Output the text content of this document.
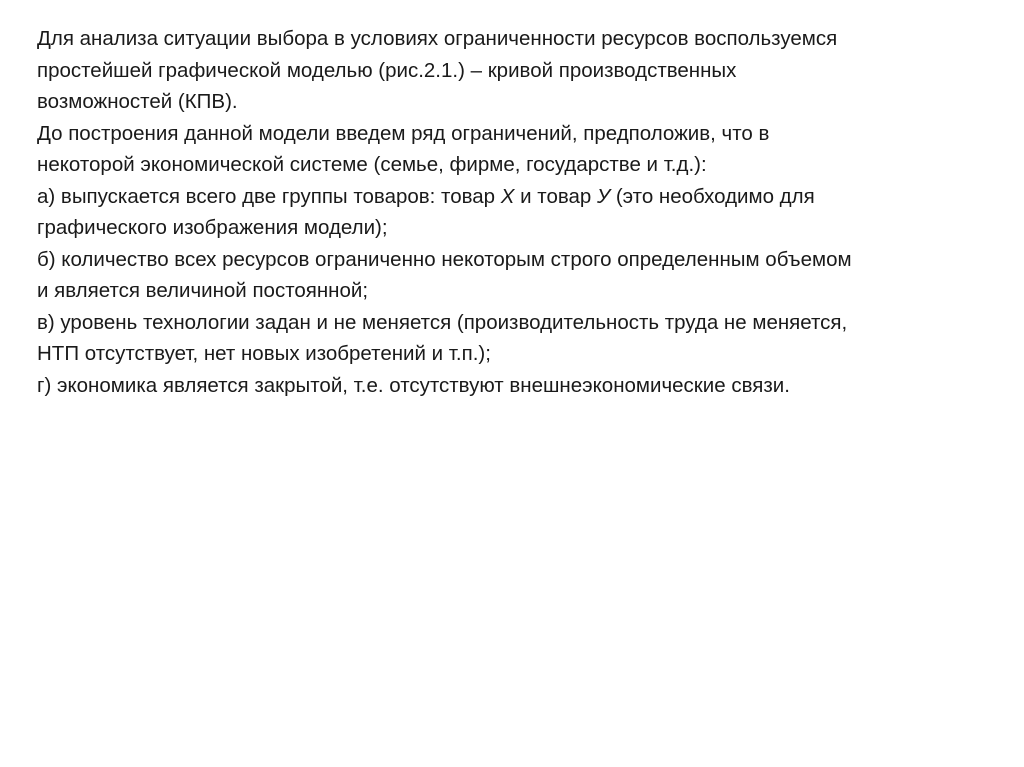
Для анализа ситуации выбора в условиях ограниченности ресурсов воспользуемся
простейшей графической моделью (рис.2.1.) – кривой производственных
возможностей (КПВ).
До построения данной модели введем ряд ограничений, предположив, что в
некоторой экономической системе (семье, фирме, государстве и т.д.):
а) выпускается всего две группы товаров: товар Х и товар У (это необходимо для
графического изображения модели);
б) количество всех ресурсов ограниченно некоторым строго определенным объемом
и является величиной постоянной;
в) уровень технологии задан и не меняется (производительность труда не меняется,
НТП отсутствует, нет новых изобретений и т.п.);
г) экономика является закрытой, т.е. отсутствуют внешнеэкономические связи.
